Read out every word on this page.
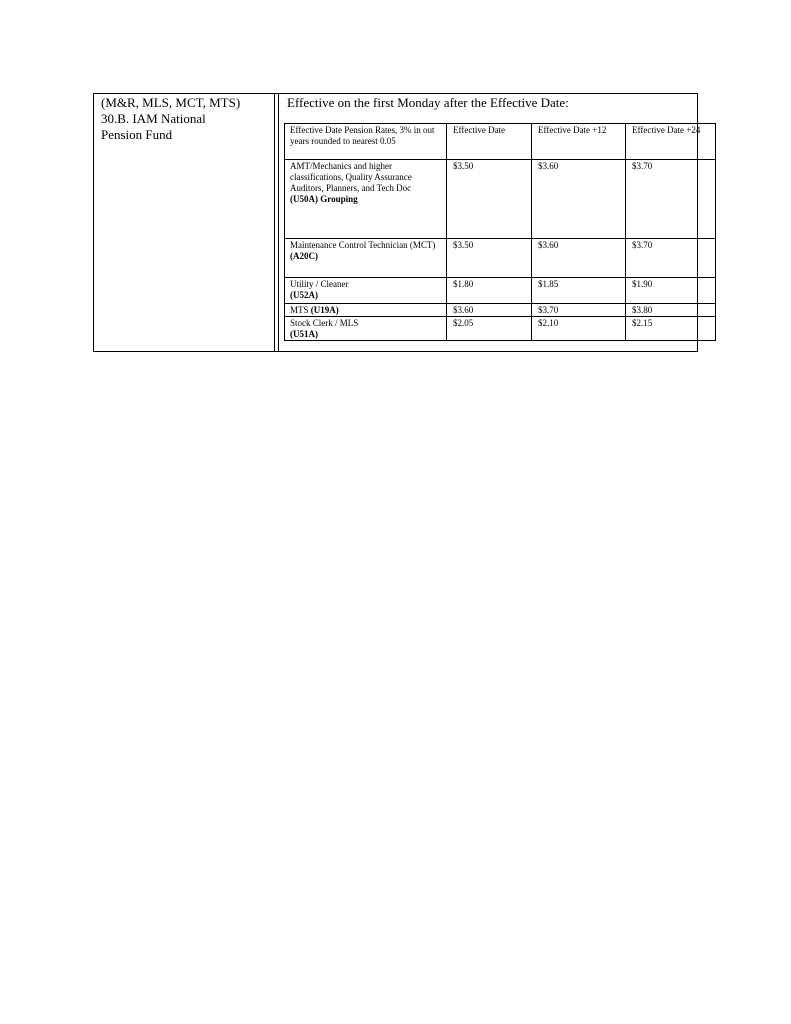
(M&R, MLS, MCT, MTS)
30.B. IAM National
Pension Fund
Effective on the first Monday after the Effective Date:
Effective Date Pension Rates, 3% in out years rounded to nearest 0.05	Effective Date	Effective Date +12	Effective Date +24
AMT/Mechanics and higher classifications, Quality Assurance Auditors, Planners, and Tech Doc
(U50A) Grouping	$3.50	$3.60	$3.70
Maintenance Control Technician (MCT)
(A20C)	$3.50	$3.60	$3.70
Utility / Cleaner
(U52A)	$1.80	$1.85	$1.90
MTS (U19A)	$3.60	$3.70	$3.80
Stock Clerk / MLS
(U51A)	$2.05	$2.10	$2.15
